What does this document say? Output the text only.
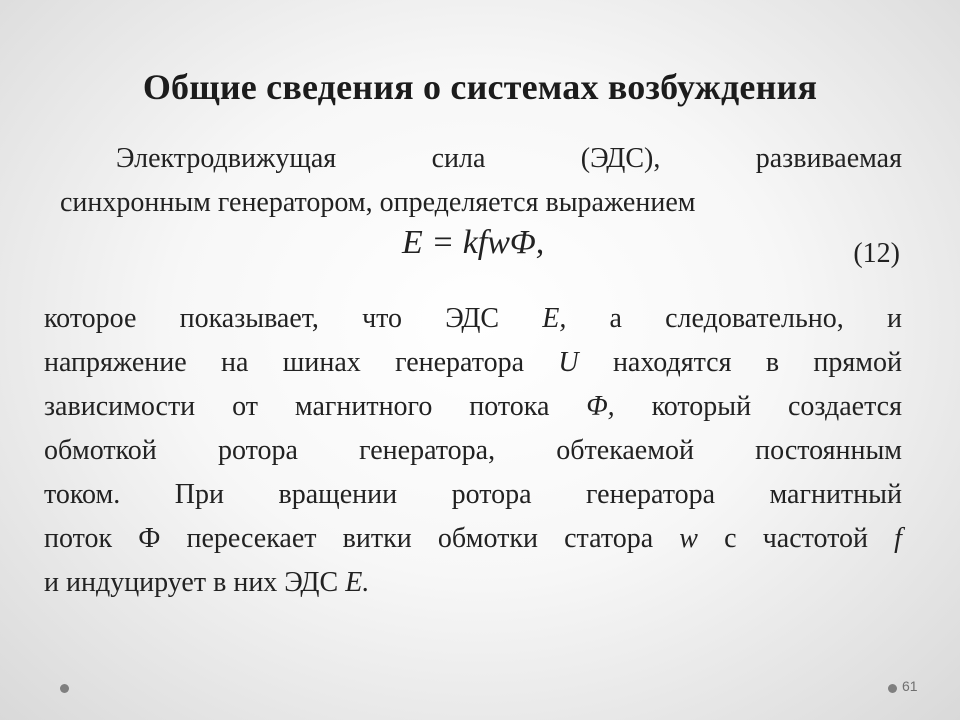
Общие сведения о системах возбуждения
Электродвижущая	сила	(ЭДС),	развиваемая
синхронным генератором, определяется выражением
E = kfwΦ,	(12)
которое показывает, что ЭДС E, а следовательно, и
напряжение на шинах генератора U находятся в прямой
зависимости от магнитного потока Φ, который создается
обмоткой ротора генератора, обтекаемой постоянным
током. При вращении ротора генератора магнитный
поток Ф пересекает витки обмотки статора w с частотой f
и индуцирует в них ЭДС E.
61
